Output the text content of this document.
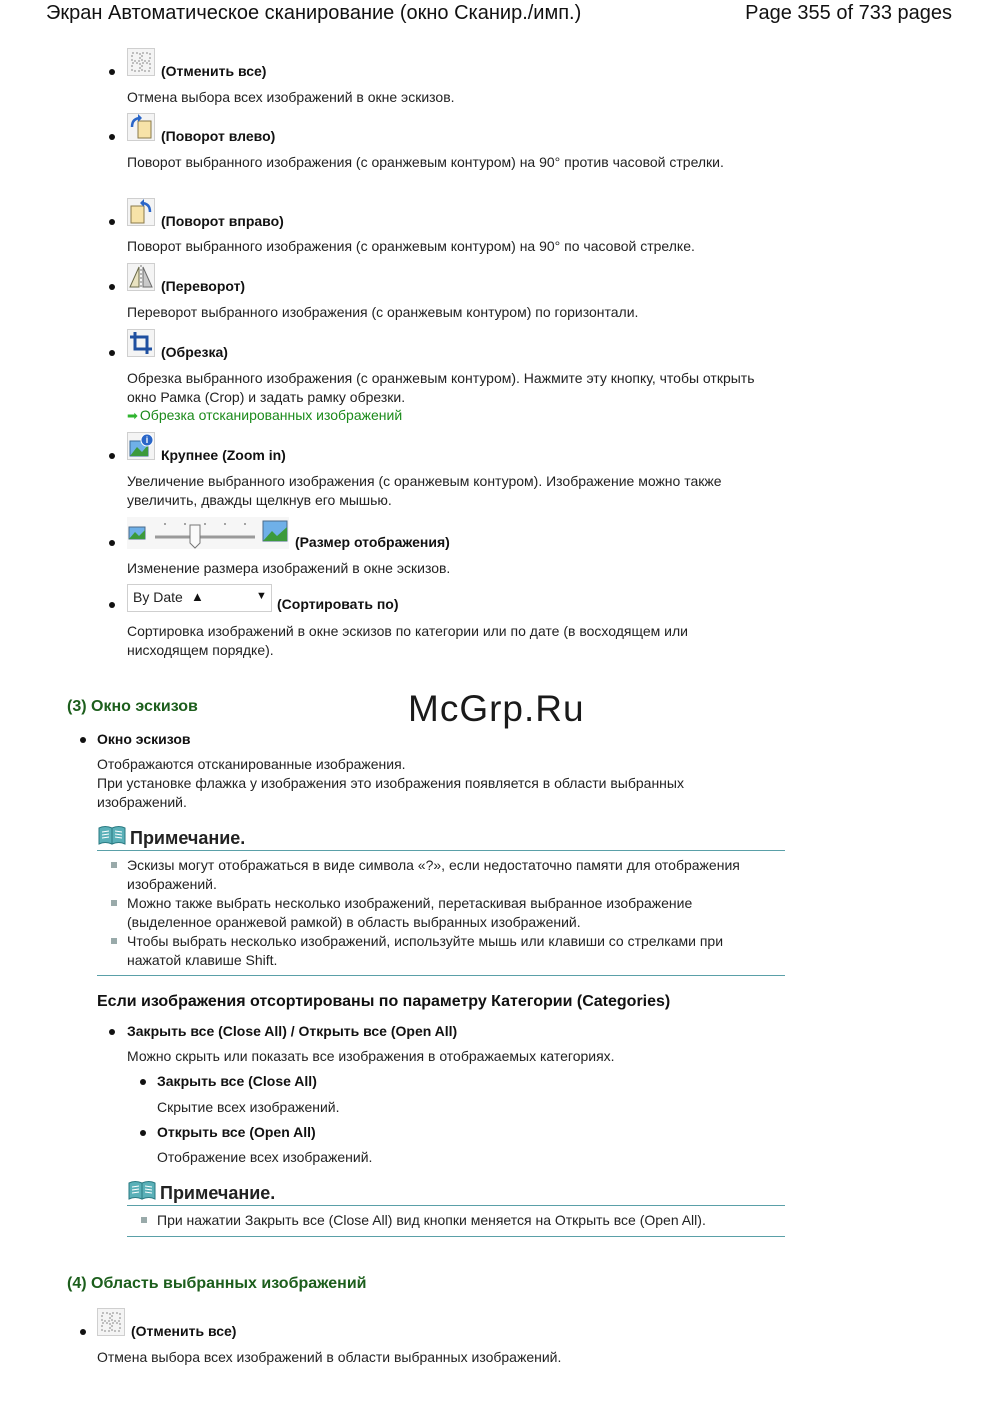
Экран Автоматическое сканирование (окно Сканир./имп.)	Page 355 of 733 pages
(Отменить все)
Отмена выбора всех изображений в окне эскизов.
(Поворот влево)
Поворот выбранного изображения (с оранжевым контуром) на 90° против часовой стрелки.
(Поворот вправо)
Поворот выбранного изображения (с оранжевым контуром) на 90° по часовой стрелке.
(Переворот)
Переворот выбранного изображения (с оранжевым контуром) по горизонтали.
(Обрезка)
Обрезка выбранного изображения (с оранжевым контуром). Нажмите эту кнопку, чтобы открыть окно Рамка (Crop) и задать рамку обрезки.
➡ Обрезка отсканированных изображений
i
Крупнее (Zoom in)
Увеличение выбранного изображения (с оранжевым контуром). Изображение можно также увеличить, дважды щелкнув его мышью.
(Размер отображения)
Изменение размера изображений в окне эскизов.
By Date ▲	▼ (Сортировать по)
Сортировка изображений в окне эскизов по категории или по дате (в восходящем или нисходящем порядке).
(3) Окно эскизов	McGrp.Ru
Окно эскизов
Отображаются отсканированные изображения.
При установке флажка у изображения это изображения появляется в области выбранных изображений.
Примечание.
Эскизы могут отображаться в виде символа «?», если недостаточно памяти для отображения изображений.
Можно также выбрать несколько изображений, перетаскивая выбранное изображение (выделенное оранжевой рамкой) в область выбранных изображений.
Чтобы выбрать несколько изображений, используйте мышь или клавиши со стрелками при нажатой клавише Shift.
Если изображения отсортированы по параметру Категории (Categories)
Закрыть все (Close All) / Открыть все (Open All)
Можно скрыть или показать все изображения в отображаемых категориях.
Закрыть все (Close All)
Скрытие всех изображений.
Открыть все (Open All)
Отображение всех изображений.
Примечание.
При нажатии Закрыть все (Close All) вид кнопки меняется на Открыть все (Open All).
(4) Область выбранных изображений
(Отменить все)
Отмена выбора всех изображений в области выбранных изображений.
